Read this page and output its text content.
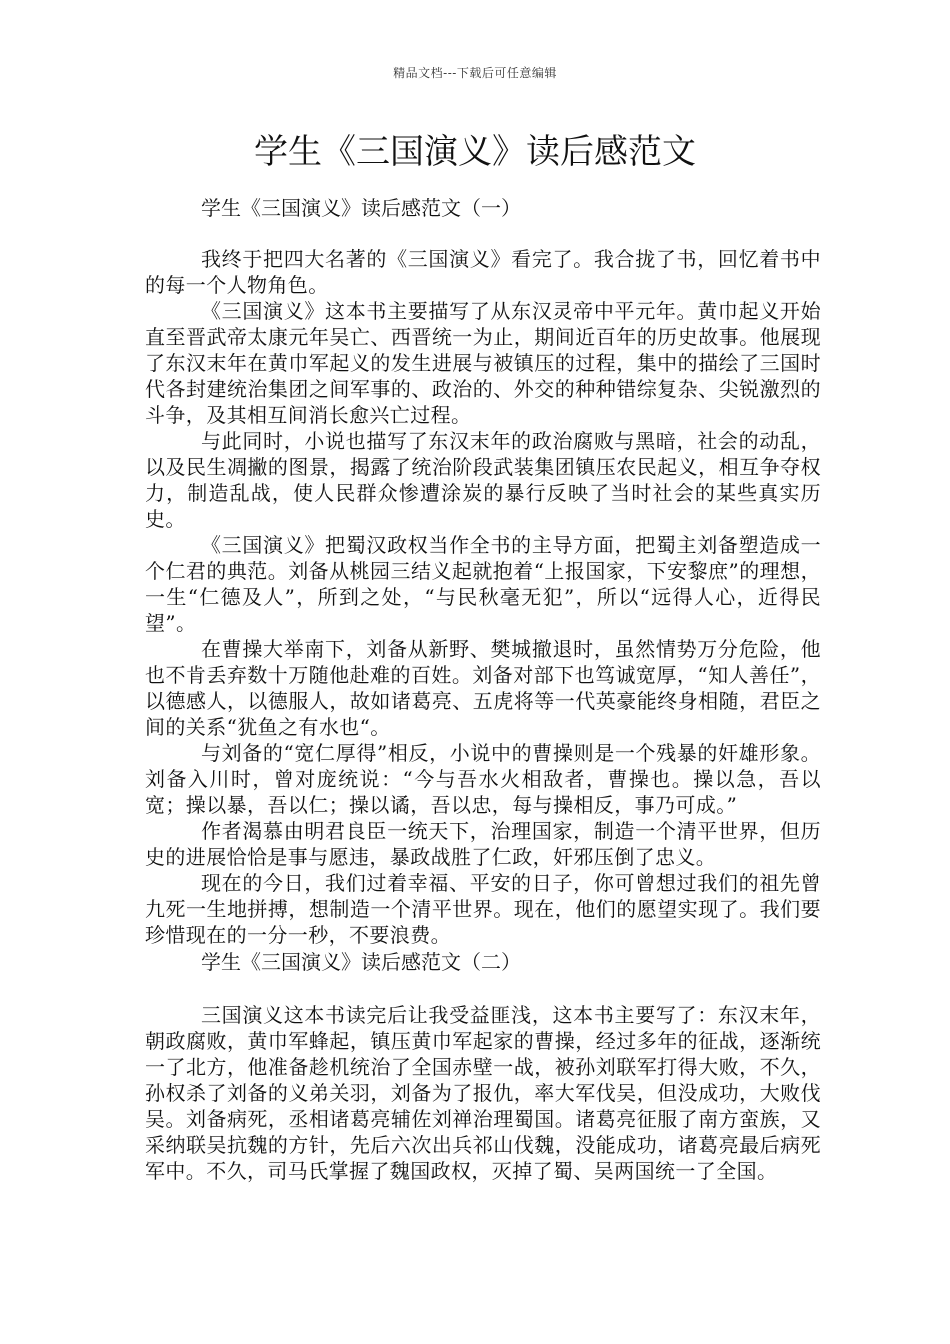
精品文档---下载后可任意编辑
学生《三国演义》读后感范文
学生《三国演义》读后感范文（一）

我终于把四大名著的《三国演义》看完了。我合拢了书，回忆着书中的每一个人物角色。

《三国演义》这本书主要描写了从东汉灵帝中平元年。黄巾起义开始直至晋武帝太康元年吴亡、西晋统一为止，期间近百年的历史故事。他展现了东汉末年在黄巾军起义的发生进展与被镇压的过程，集中的描绘了三国时代各封建统治集团之间军事的、政治的、外交的种种错综复杂、尖锐激烈的斗争，及其相互间消长愈兴亡过程。

与此同时，小说也描写了东汉末年的政治腐败与黑暗，社会的动乱，以及民生凋撇的图景，揭露了统治阶段武装集团镇压农民起义，相互争夺权力，制造乱战，使人民群众惨遭涂炭的暴行反映了当时社会的某些真实历史。

《三国演义》把蜀汉政权当作全书的主导方面，把蜀主刘备塑造成一个仁君的典范。刘备从桃园三结义起就抱着“上报国家，下安黎庶”的理想，一生“仁德及人”，所到之处，“与民秋毫无犯”，所以“远得人心，近得民望”。

在曹操大举南下，刘备从新野、樊城撤退时，虽然情势万分危险，他也不肯丢弃数十万随他赴难的百姓。刘备对部下也笃诚宽厚，“知人善任”，以德感人，以德服人，故如诸葛亮、五虎将等一代英豪能终身相随，君臣之间的关系“犹鱼之有水也“。

与刘备的“宽仁厚得”相反，小说中的曹操则是一个残暴的奸雄形象。刘备入川时，曾对庞统说：“今与吾水火相敌者，曹操也。操以急，吾以宽；操以暴，吾以仁；操以谲，吾以忠，每与操相反，事乃可成。”

作者渴慕由明君良臣一统天下，治理国家，制造一个清平世界，但历史的进展恰恰是事与愿违，暴政战胜了仁政，奸邪压倒了忠义。

现在的今日，我们过着幸福、平安的日子，你可曾想过我们的祖先曾九死一生地拼搏，想制造一个清平世界。现在，他们的愿望实现了。我们要珍惜现在的一分一秒，不要浪费。

学生《三国演义》读后感范文（二）

三国演义这本书读完后让我受益匪浅，这本书主要写了：东汉末年，朝政腐败，黄巾军蜂起，镇压黄巾军起家的曹操，经过多年的征战，逐渐统一了北方，他准备趁机统治了全国赤壁一战，被孙刘联军打得大败，不久，孙权杀了刘备的义弟关羽，刘备为了报仇，率大军伐吴，但没成功，大败伐吴。刘备病死，丞相诸葛亮辅佐刘禅治理蜀国。诸葛亮征服了南方蛮族，又采纳联吴抗魏的方针，先后六次出兵祁山伐魏，没能成功，诸葛亮最后病死军中。不久，司马氏掌握了魏国政权，灭掉了蜀、吴两国统一了全国。
